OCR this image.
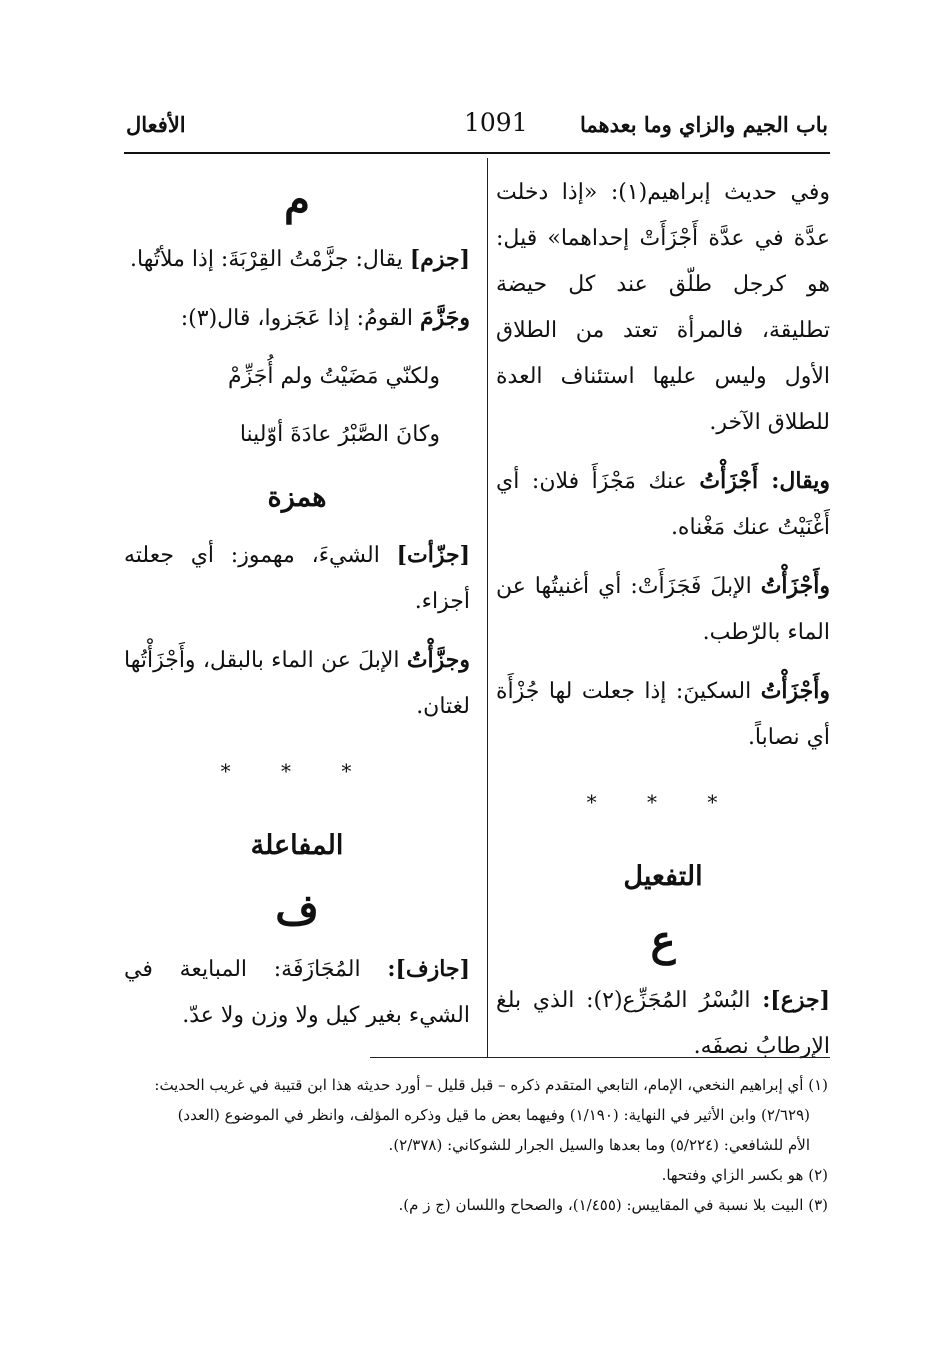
باب الجيم والزاي وما بعدهما
1091
الأفعال

وفي حديث إبراهيم(١): «إذا دخلت عدَّة في عدَّة أَجْزَأَتْ إحداهما» قيل: هو كرجل طلّق عند كل حيضة تطليقة، فالمرأة تعتد من الطلاق الأول وليس عليها استئناف العدة للطلاق الآخر.

ويقال: أَجْزَأْتُ عنك مَجْزَأَ فلان: أي أَغْنَيْتُ عنك مَغْناه.

وأَجْزَأْتُ الإبلَ فَجَزَأَتْ: أي أغنيتُها عن الماء بالرّطب.

وأَجْزَأْتُ السكينَ: إذا جعلت لها جُزْأَة أي نصاباً.

* * *
التفعيل
ع

[جزع]: البُسْرُ المُجَزِّع(٢): الذي بلغ الإرطابُ نصفَه.

م

[جزم] يقال: جزَّمْتُ القِرْبَةَ: إذا ملأتُها.

وجَزَّمَ القومُ: إذا عَجَزوا، قال(٣):

ولكنّي مَضَيْتُ ولم أُجَزِّمْ

وكانَ الصَّبْرُ عادَةَ أوّلينا

همزة

[جزّأت] الشيءَ، مهموز: أي جعلته أجزاء.

وجزَّأْتُ الإبلَ عن الماء بالبقل، وأَجْزَأْتُها لغتان.

* * *
المفاعلة
ف

[جازف]: المُجَازَفَة: المبايعة في الشيء بغير كيل ولا وزن ولا عدّ.

(١) أي إبراهيم النخعي، الإمام، التابعي المتقدم ذكره – قبل قليل – أورد حديثه هذا ابن قتيبة في غريب الحديث:

(٢/٦٢٩) وابن الأثير في النهاية: (١/١٩٠) وفيهما بعض ما قيل وذكره المؤلف، وانظر في الموضوع (العدد)

الأم للشافعي: (٥/٢٢٤) وما بعدها والسيل الجرار للشوكاني: (٢/٣٧٨).

(٢) هو بكسر الزاي وفتحها.

(٣) البيت بلا نسبة في المقاييس: (١/٤٥٥)، والصحاح واللسان (ج ز م).
